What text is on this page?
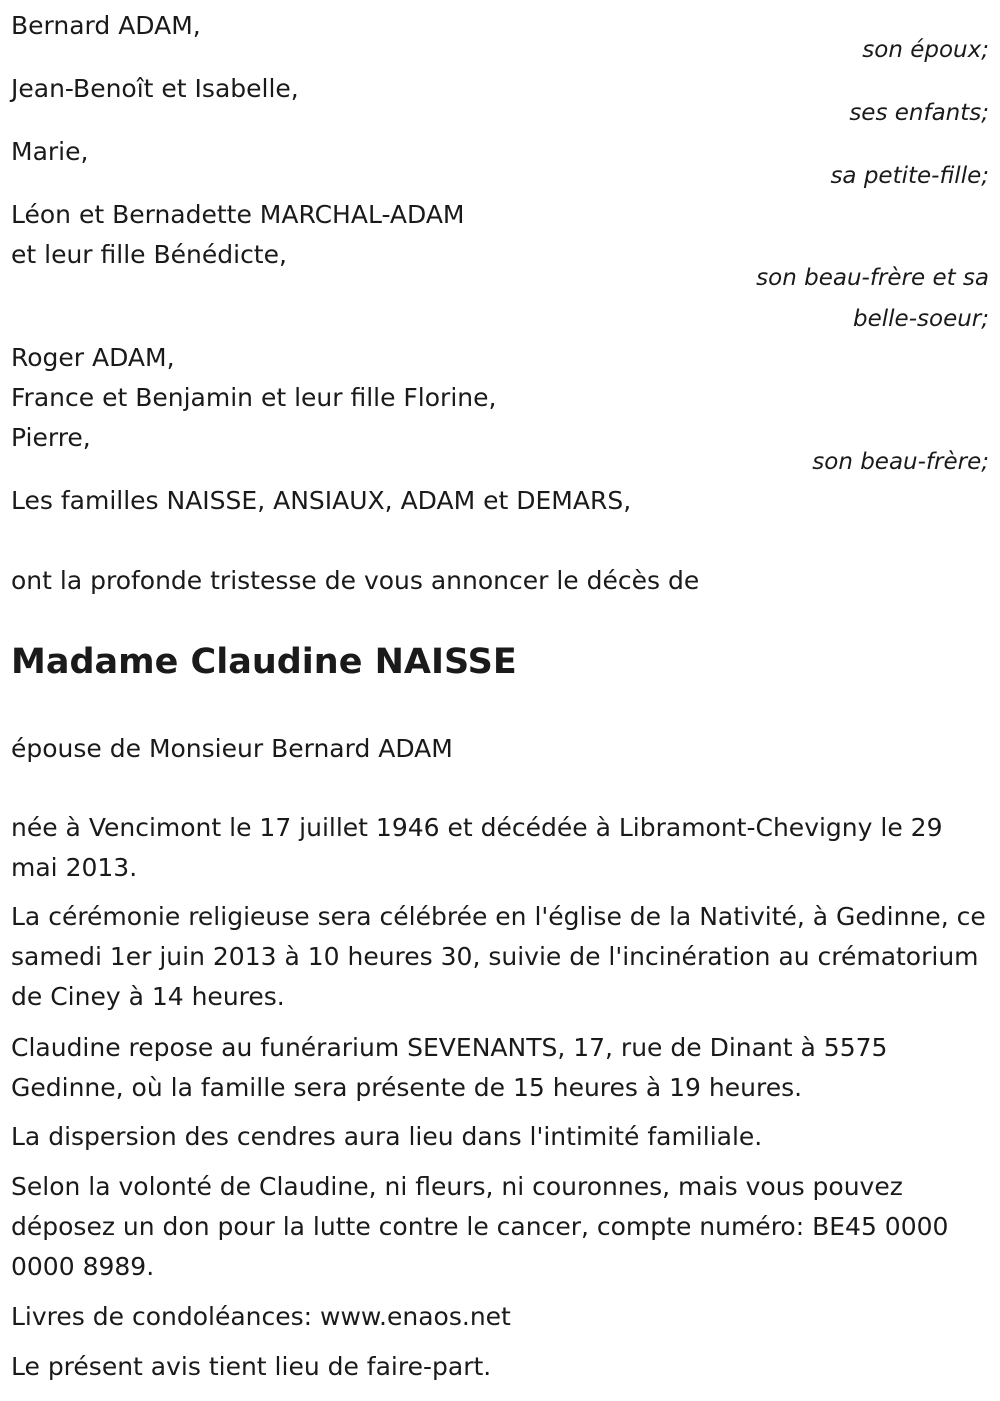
Bernard ADAM,
son époux;
Jean-Benoît et Isabelle,
ses enfants;
Marie,
sa petite-fille;
Léon et Bernadette MARCHAL-ADAM
et leur fille Bénédicte,
son beau-frère et sa
belle-soeur;
Roger ADAM,
France et Benjamin et leur fille Florine,
Pierre,
son beau-frère;
Les familles NAISSE, ANSIAUX, ADAM et DEMARS,
ont la profonde tristesse de vous annoncer le décès de
Madame Claudine NAISSE
épouse de Monsieur Bernard ADAM
née à Vencimont le 17 juillet 1946 et décédée à Libramont-Chevigny le 29 mai 2013.
La cérémonie religieuse sera célébrée en l'église de la Nativité, à Gedinne, ce samedi 1er juin 2013 à 10 heures 30, suivie de l'incinération au crématorium de Ciney à 14 heures.
Claudine repose au funérarium SEVENANTS, 17, rue de Dinant à 5575 Gedinne, où la famille sera présente de 15 heures à 19 heures.
La dispersion des cendres aura lieu dans l'intimité familiale.
Selon la volonté de Claudine, ni fleurs, ni couronnes, mais vous pouvez déposez un don pour la lutte contre le cancer, compte numéro: BE45 0000 0000 8989.
Livres de condoléances: www.enaos.net
Le présent avis tient lieu de faire-part.
